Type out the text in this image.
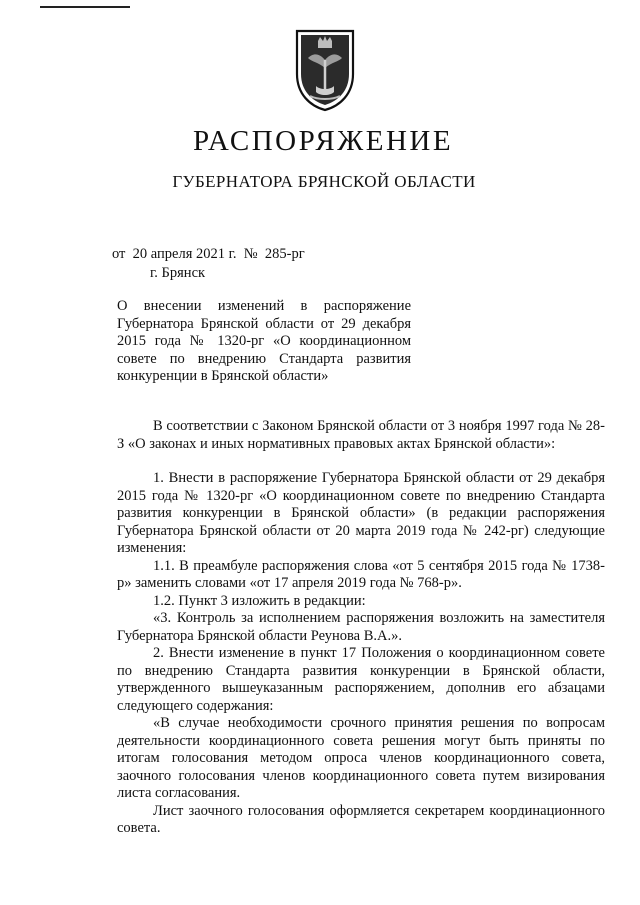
РАСПОРЯЖЕНИЕ
ГУБЕРНАТОРА БРЯНСКОЙ ОБЛАСТИ
от  20 апреля 2021 г.  №  285-рг
г. Брянск
О внесении изменений в распоряжение Губернатора Брянской области от 29 декабря 2015 года № 1320-рг «О координационном совете по внедрению Стандарта развития конкуренции в Брянской области»

В соответствии с Законом Брянской области от 3 ноября 1997 года № 28-З «О законах и иных нормативных правовых актах Брянской области»:

1. Внести в распоряжение Губернатора Брянской области от 29 декабря 2015 года № 1320-рг «О координационном совете по внедрению Стандарта развития конкуренции в Брянской области» (в редакции распоряжения Губернатора Брянской области от 20 марта 2019 года № 242-рг) следующие изменения:

1.1. В преамбуле распоряжения слова «от 5 сентября 2015 года № 1738-р» заменить словами «от 17 апреля 2019 года № 768-р».

1.2. Пункт 3 изложить в редакции:

«3. Контроль за исполнением распоряжения возложить на заместителя Губернатора Брянской области Реунова В.А.».

2. Внести изменение в пункт 17 Положения о координационном совете по внедрению Стандарта развития конкуренции в Брянской области, утвержденного вышеуказанным распоряжением, дополнив его абзацами следующего содержания:

«В случае необходимости срочного принятия решения по вопросам деятельности координационного совета решения могут быть приняты по итогам голосования методом опроса членов координационного совета, заочного голосования членов координационного совета путем визирования листа согласования.

Лист заочного голосования оформляется секретарем координационного совета.
